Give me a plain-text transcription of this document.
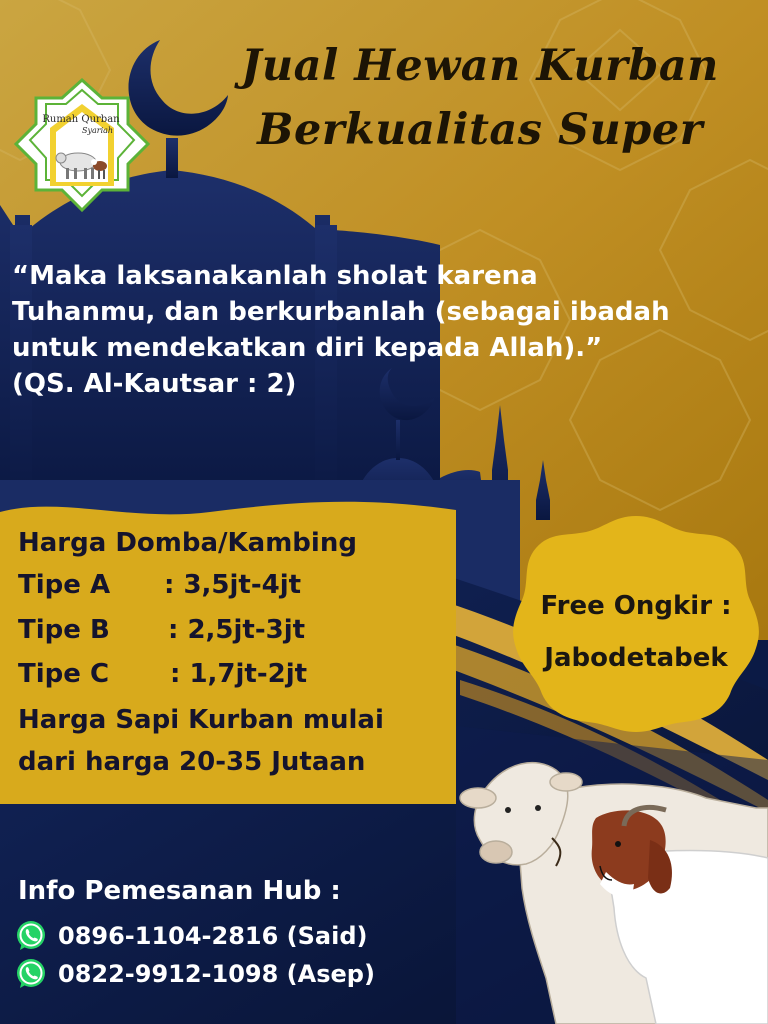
Jual Hewan Kurban
Berkualitas Super
Rumah Qurban
Syariah
“Maka laksanakanlah sholat karena
Tuhanmu, dan berkurbanlah (sebagai ibadah
untuk mendekatkan diri kepada Allah).”
(QS. Al-Kautsar : 2)
Harga Domba/Kambing
Tipe A : 3,5jt-4jt
Tipe B : 2,5jt-3jt
Tipe C : 1,7jt-2jt
Harga Sapi Kurban mulai
dari harga 20-35 Jutaan
Free Ongkir :
Jabodetabek
Info Pemesanan Hub :
0896-1104-2816 (Said)
0822-9912-1098 (Asep)
